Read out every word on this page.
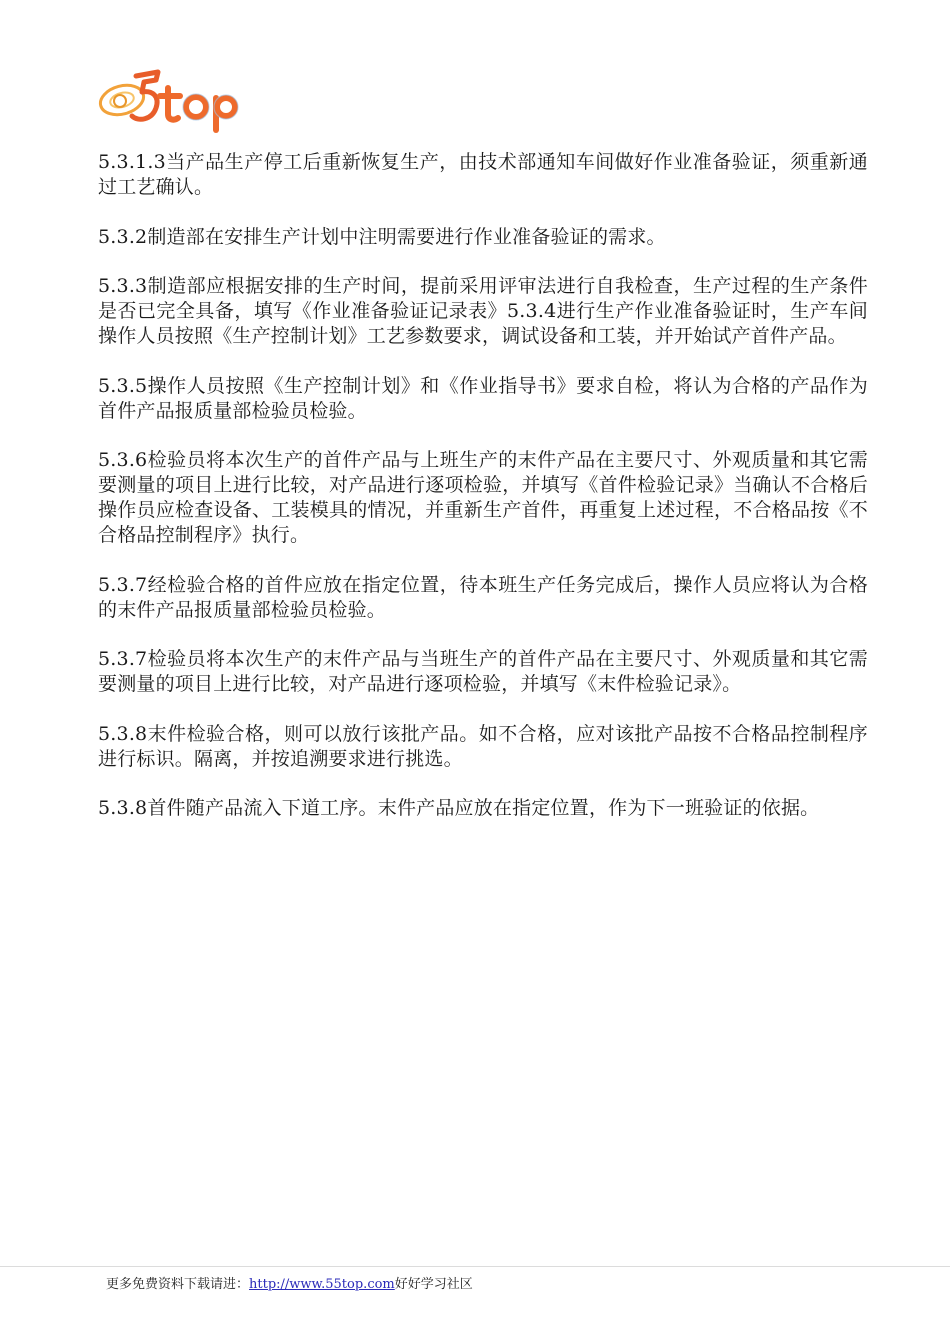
5.3.1.3当产品生产停工后重新恢复生产，由技术部通知车间做好作业准备验证，须重新通过工艺确认。

5.3.2制造部在安排生产计划中注明需要进行作业准备验证的需求。

5.3.3制造部应根据安排的生产时间，提前采用评审法进行自我检查，生产过程的生产条件是否已完全具备，填写《作业准备验证记录表》5.3.4进行生产作业准备验证时，生产车间操作人员按照《生产控制计划》工艺参数要求，调试设备和工装，并开始试产首件产品。

5.3.5操作人员按照《生产控制计划》和《作业指导书》要求自检，将认为合格的产品作为首件产品报质量部检验员检验。

5.3.6检验员将本次生产的首件产品与上班生产的末件产品在主要尺寸、外观质量和其它需要测量的项目上进行比较，对产品进行逐项检验，并填写《首件检验记录》当确认不合格后操作员应检查设备、工装模具的情况，并重新生产首件，再重复上述过程，不合格品按《不合格品控制程序》执行。

5.3.7经检验合格的首件应放在指定位置，待本班生产任务完成后，操作人员应将认为合格的末件产品报质量部检验员检验。

5.3.7检验员将本次生产的末件产品与当班生产的首件产品在主要尺寸、外观质量和其它需要测量的项目上进行比较，对产品进行逐项检验，并填写《末件检验记录》。

5.3.8末件检验合格，则可以放行该批产品。如不合格，应对该批产品按不合格品控制程序进行标识。隔离，并按追溯要求进行挑选。

5.3.8首件随产品流入下道工序。末件产品应放在指定位置，作为下一班验证的依据。

更多免费资料下载请进：http://www.55top.com好好学习社区
